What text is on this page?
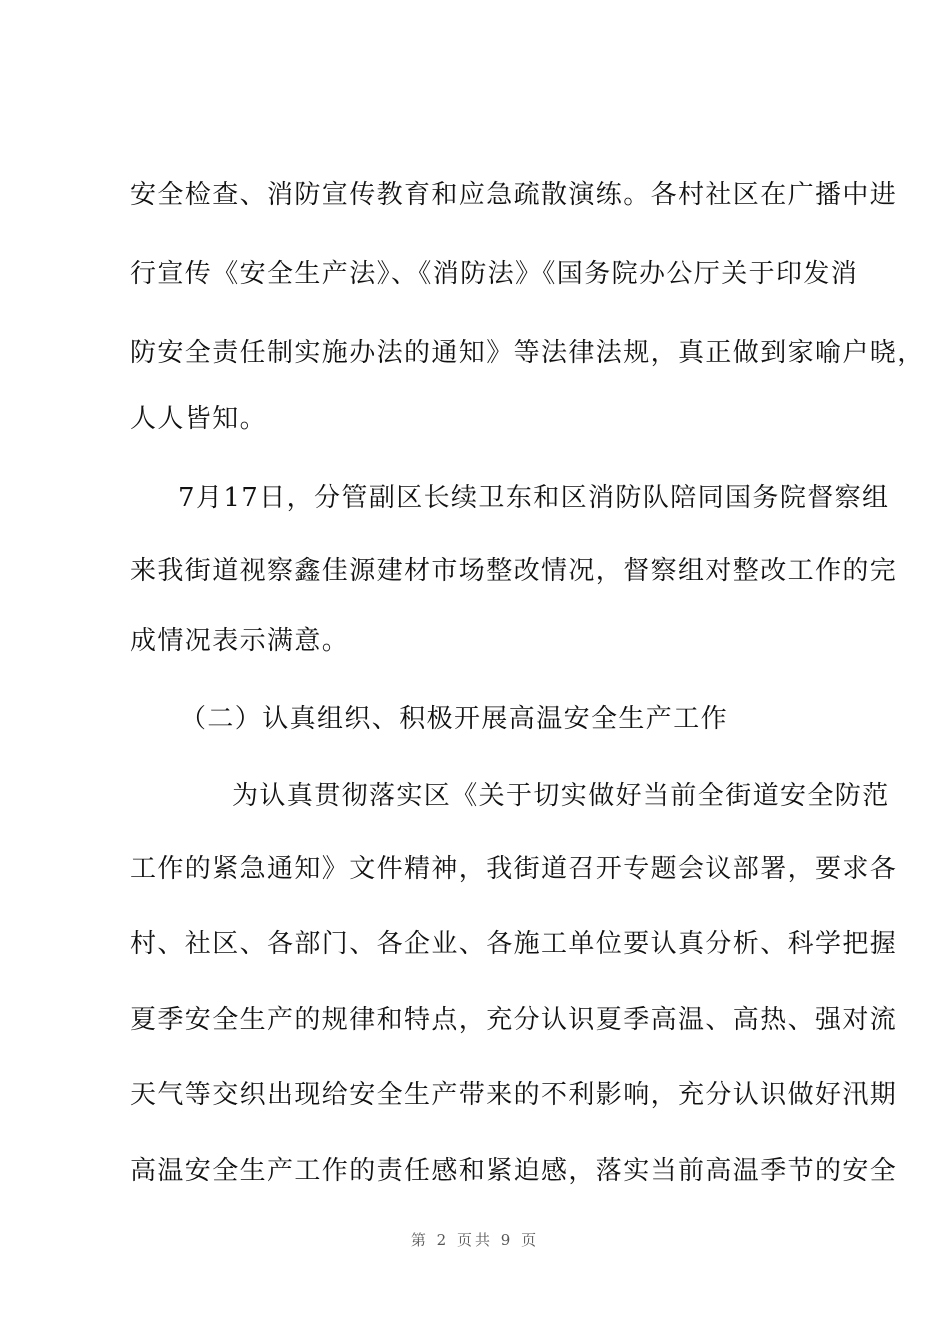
安全检查、消防宣传教育和应急疏散演练。各村社区在广播中进
行宣传《安全生产法》、《消防法》《国务院办公厅关于印发消
防安全责任制实施办法的通知》等法律法规，真正做到家喻户晓，
人人皆知。
7月17日，分管副区长续卫东和区消防队陪同国务院督察组
来我街道视察鑫佳源建材市场整改情况，督察组对整改工作的完
成情况表示满意。
（二）认真组织、积极开展高温安全生产工作
为认真贯彻落实区《关于切实做好当前全街道安全防范
工作的紧急通知》文件精神，我街道召开专题会议部署，要求各
村、社区、各部门、各企业、各施工单位要认真分析、科学把握
夏季安全生产的规律和特点，充分认识夏季高温、高热、强对流
天气等交织出现给安全生产带来的不利影响，充分认识做好汛期
高温安全生产工作的责任感和紧迫感，落实当前高温季节的安全
第 2 页共 9 页
